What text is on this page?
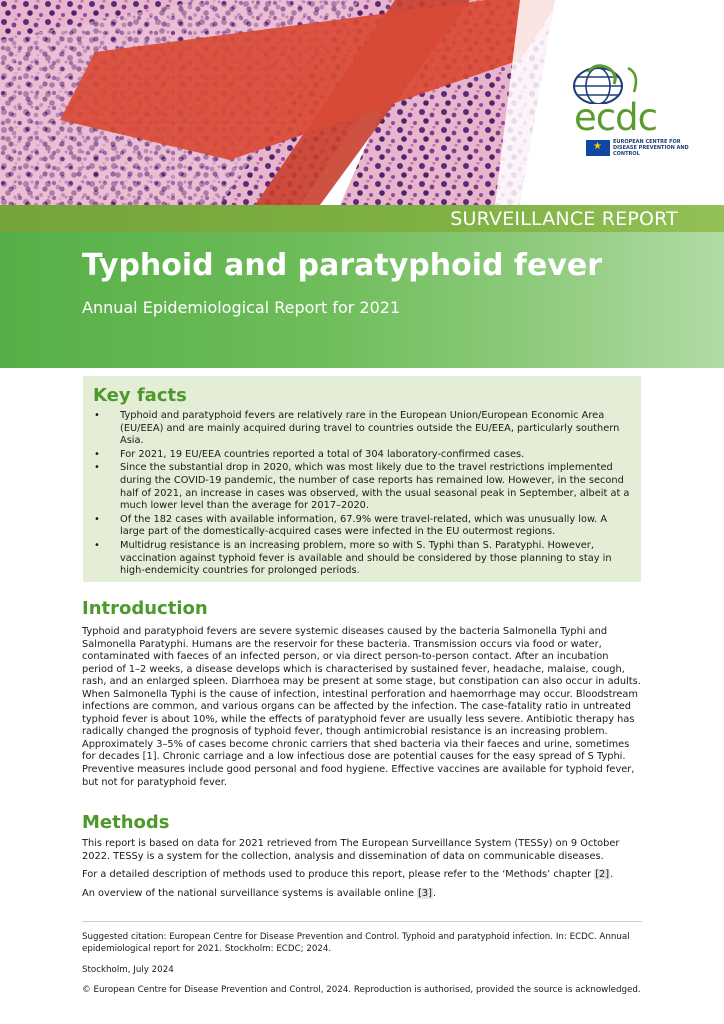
ecdc
★
EUROPEAN CENTRE FOR DISEASE PREVENTION AND CONTROL
SURVEILLANCE REPORT
Typhoid and paratyphoid fever
Annual Epidemiological Report for 2021
Key facts
• Typhoid and paratyphoid fevers are relatively rare in the European Union/European Economic Area (EU/EEA) and are mainly acquired during travel to countries outside the EU/EEA, particularly southern Asia.
• For 2021, 19 EU/EEA countries reported a total of 304 laboratory-confirmed cases.
• Since the substantial drop in 2020, which was most likely due to the travel restrictions implemented during the COVID-19 pandemic, the number of case reports has remained low. However, in the second half of 2021, an increase in cases was observed, with the usual seasonal peak in September, albeit at a much lower level than the average for 2017–2020.
• Of the 182 cases with available information, 67.9% were travel-related, which was unusually low. A large part of the domestically-acquired cases were infected in the EU outermost regions.
• Multidrug resistance is an increasing problem, more so with S. Typhi than S. Paratyphi. However, vaccination against typhoid fever is available and should be considered by those planning to stay in high-endemicity countries for prolonged periods.
Introduction
Typhoid and paratyphoid fevers are severe systemic diseases caused by the bacteria Salmonella Typhi and Salmonella Paratyphi. Humans are the reservoir for these bacteria. Transmission occurs via food or water, contaminated with faeces of an infected person, or via direct person-to-person contact. After an incubation period of 1–2 weeks, a disease develops which is characterised by sustained fever, headache, malaise, cough, rash, and an enlarged spleen. Diarrhoea may be present at some stage, but constipation can also occur in adults. When Salmonella Typhi is the cause of infection, intestinal perforation and haemorrhage may occur. Bloodstream infections are common, and various organs can be affected by the infection. The case-fatality ratio in untreated typhoid fever is about 10%, while the effects of paratyphoid fever are usually less severe. Antibiotic therapy has radically changed the prognosis of typhoid fever, though antimicrobial resistance is an increasing problem. Approximately 3–5% of cases become chronic carriers that shed bacteria via their faeces and urine, sometimes for decades [1]. Chronic carriage and a low infectious dose are potential causes for the easy spread of S Typhi. Preventive measures include good personal and food hygiene. Effective vaccines are available for typhoid fever, but not for paratyphoid fever.
Methods

This report is based on data for 2021 retrieved from The European Surveillance System (TESSy) on 9 October 2022. TESSy is a system for the collection, analysis and dissemination of data on communicable diseases.

For a detailed description of methods used to produce this report, please refer to the ‘Methods’ chapter [2].

An overview of the national surveillance systems is available online [3].

Suggested citation: European Centre for Disease Prevention and Control. Typhoid and paratyphoid infection. In: ECDC. Annual epidemiological report for 2021. Stockholm: ECDC; 2024.
Stockholm, July 2024
© European Centre for Disease Prevention and Control, 2024. Reproduction is authorised, provided the source is acknowledged.
